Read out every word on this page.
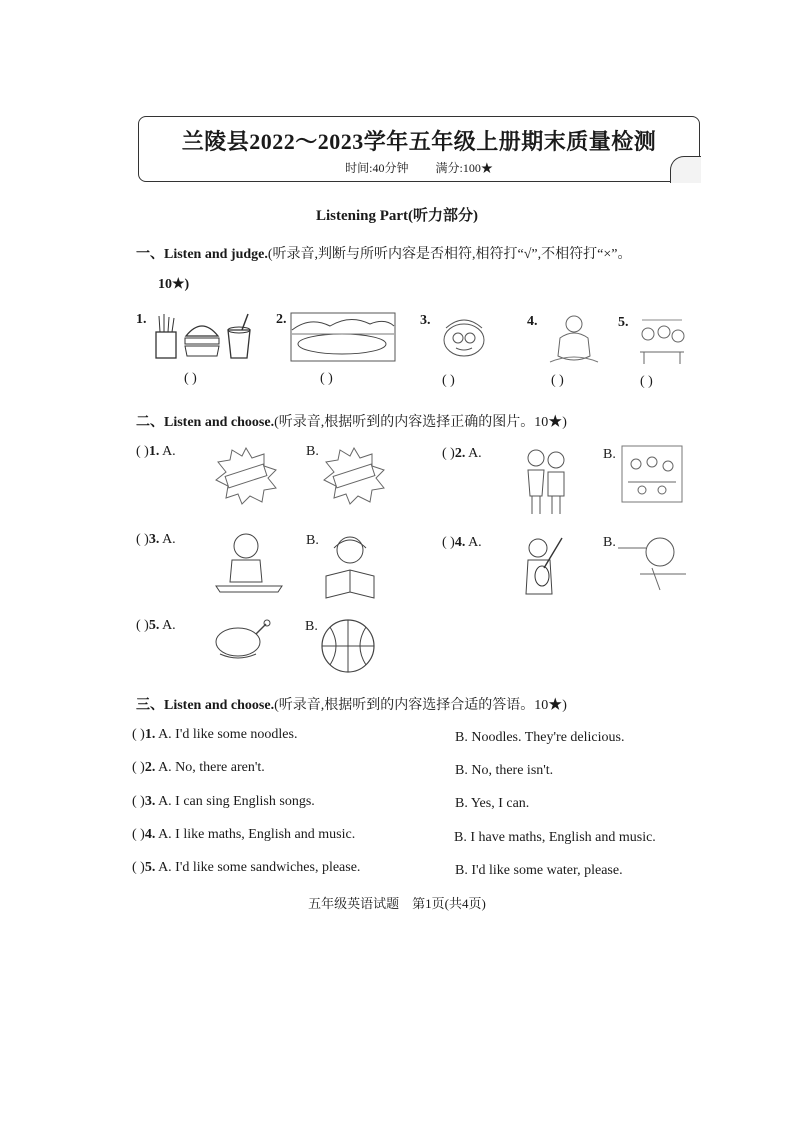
兰陵县2022～2023学年五年级上册期末质量检测
时间:40分钟 满分:100★
Listening Part(听力部分)
一、Listen and judge.(听录音,判断与所听内容是否相符,相符打“√”,不相符打“×”。
10★)
1.
( )
2.
( )
3.
( )
4.
( )
5.
( )
二、Listen and choose.(听录音,根据听到的内容选择正确的图片。10★)
( )1. A.	B.	( )2. A.	B.
( )3. A.	B.	( )4. A.	B.
( )5. A.	B.
三、Listen and choose.(听录音,根据听到的内容选择合适的答语。10★)
( )1. A. I'd like some noodles.	B. Noodles. They're delicious.
( )2. A. No, there aren't.	B. No, there isn't.
( )3. A. I can sing English songs.	B. Yes, I can.
( )4. A. I like maths, English and music.	B. I have maths, English and music.
( )5. A. I'd like some sandwiches, please.	B. I'd like some water, please.
五年级英语试题　第1页(共4页)
